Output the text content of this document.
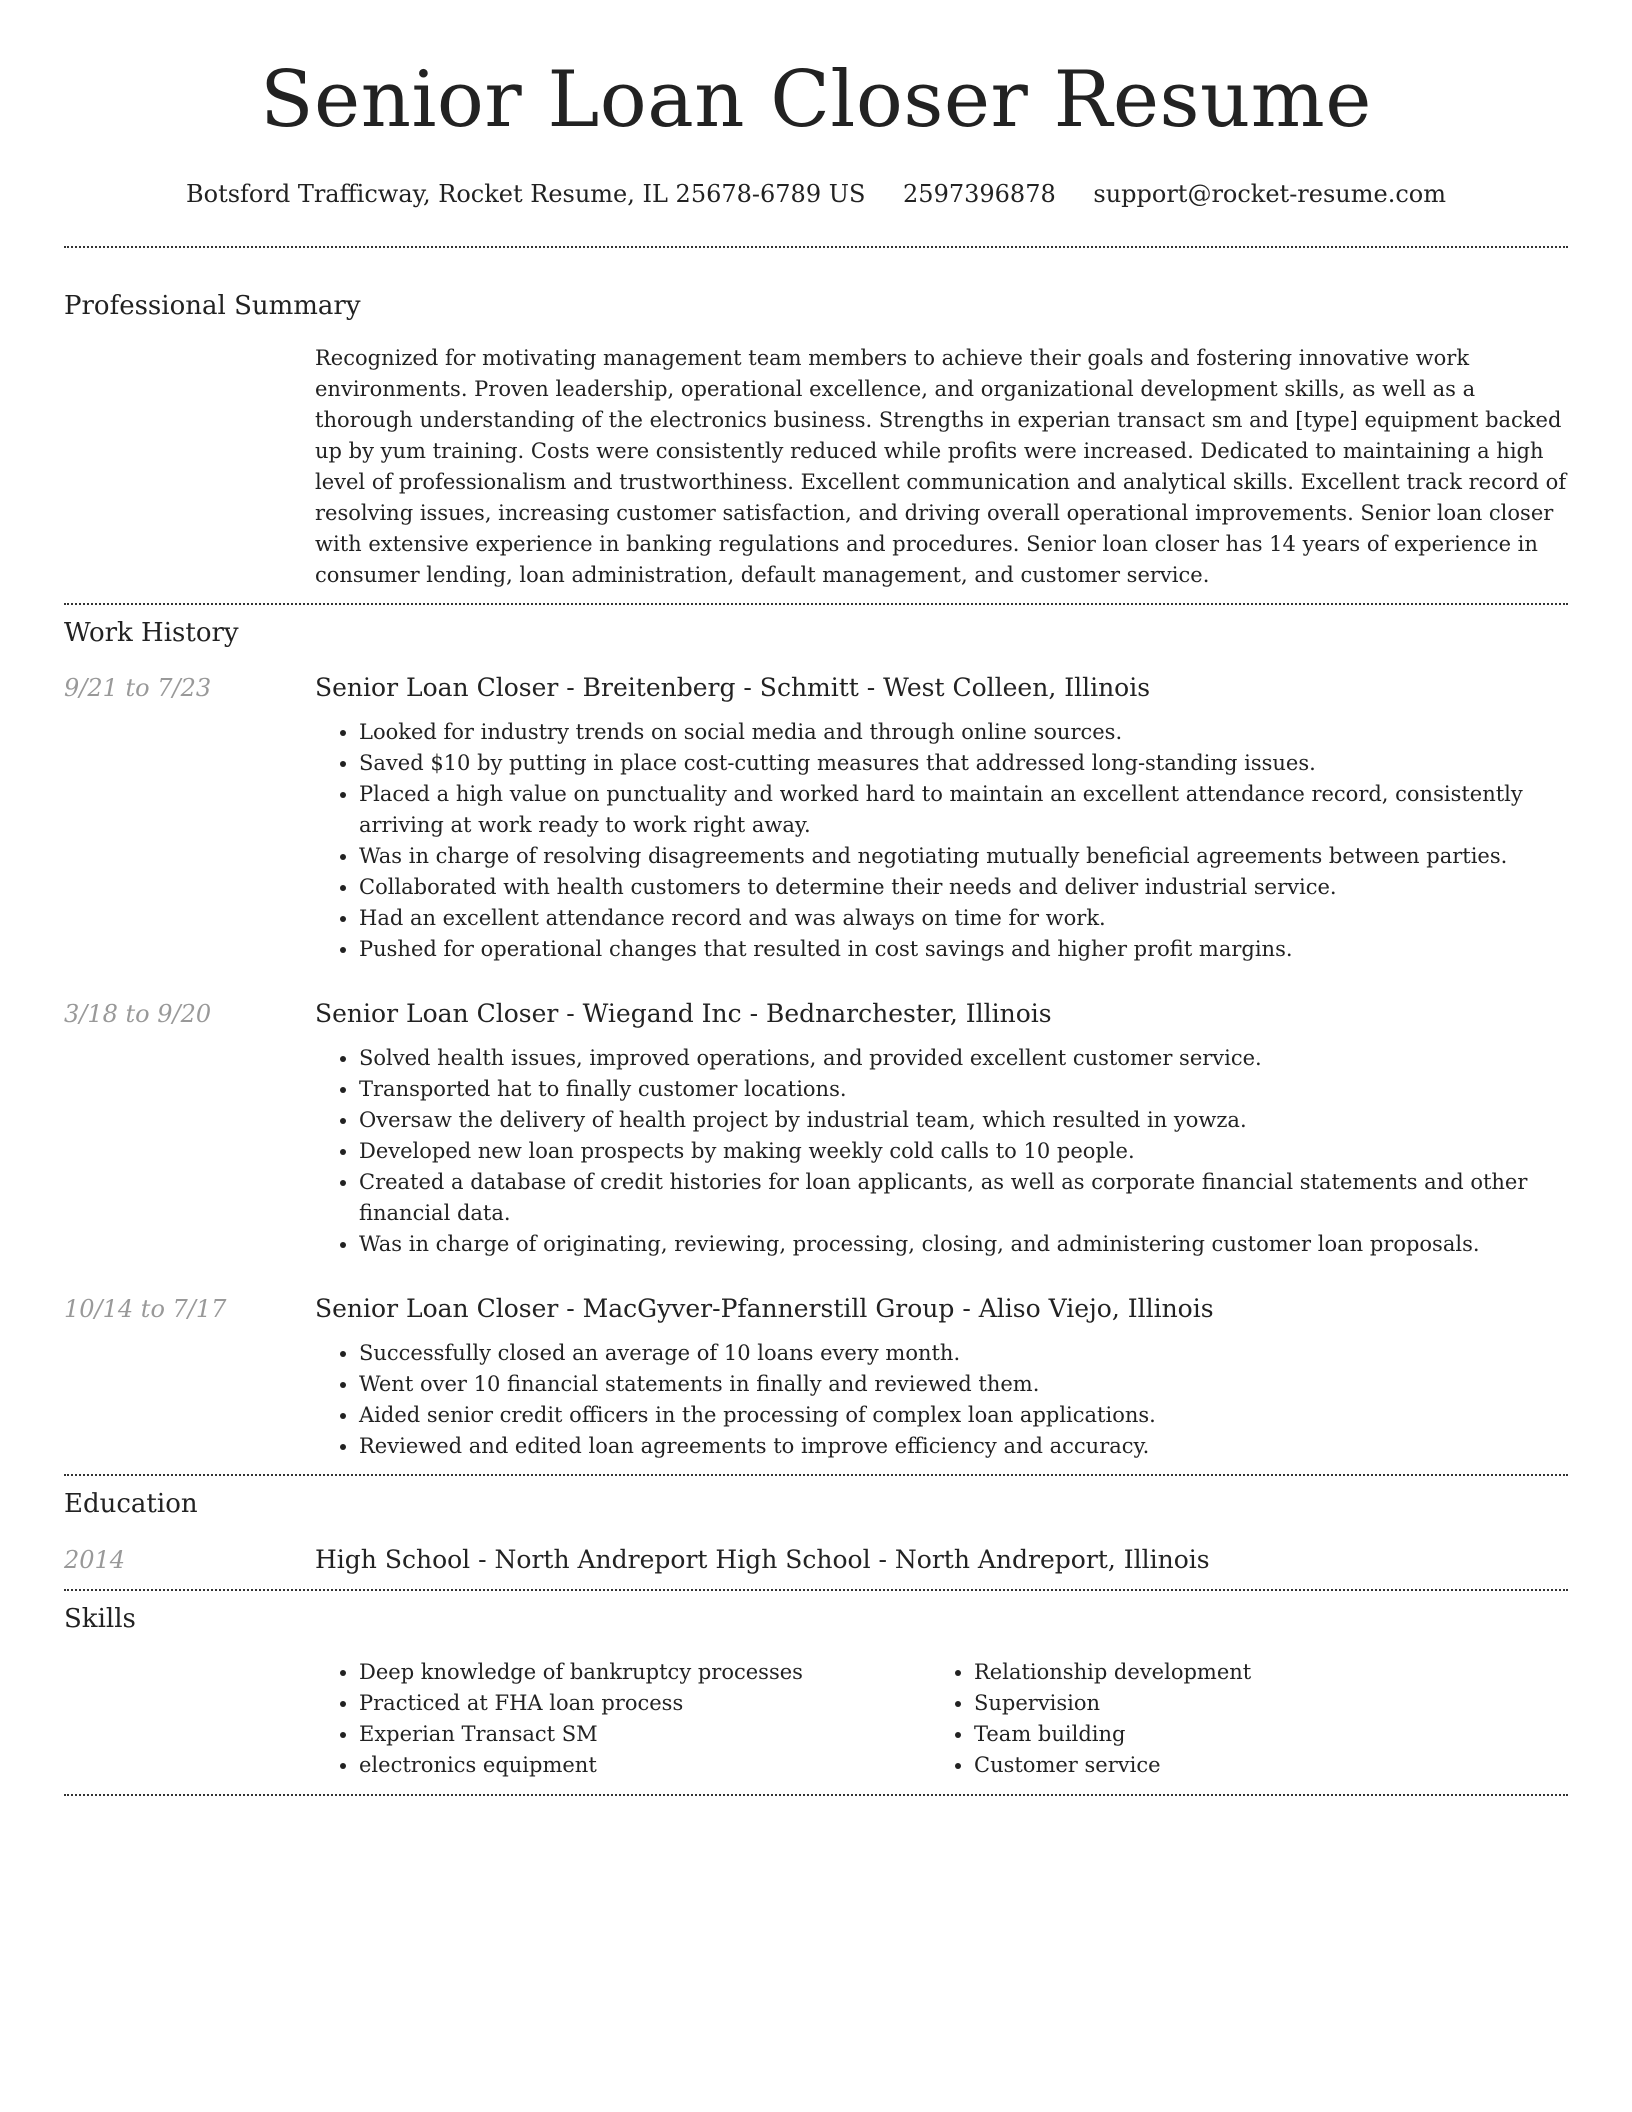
Senior Loan Closer Resume
Botsford Trafficway, Rocket Resume, IL 25678-6789 US 2597396878 support@rocket-resume.com
Professional Summary

Recognized for motivating management team members to achieve their goals and fostering innovative work environments. Proven leadership, operational excellence, and organizational development skills, as well as a thorough understanding of the electronics business. Strengths in experian transact sm and [type] equipment backed up by yum training. Costs were consistently reduced while profits were increased. Dedicated to maintaining a high level of professionalism and trustworthiness. Excellent communication and analytical skills. Excellent track record of resolving issues, increasing customer satisfaction, and driving overall operational improvements. Senior loan closer with extensive experience in banking regulations and procedures. Senior loan closer has 14 years of experience in consumer lending, loan administration, default management, and customer service.

Work History
9/21 to 7/23	Senior Loan Closer - Breitenberg - Schmitt - West Colleen, Illinois
• Looked for industry trends on social media and through online sources.
• Saved $10 by putting in place cost-cutting measures that addressed long-standing issues.
• Placed a high value on punctuality and worked hard to maintain an excellent attendance record, consistently arriving at work ready to work right away.
• Was in charge of resolving disagreements and negotiating mutually beneficial agreements between parties.
• Collaborated with health customers to determine their needs and deliver industrial service.
• Had an excellent attendance record and was always on time for work.
• Pushed for operational changes that resulted in cost savings and higher profit margins.
3/18 to 9/20	Senior Loan Closer - Wiegand Inc - Bednarchester, Illinois
• Solved health issues, improved operations, and provided excellent customer service.
• Transported hat to finally customer locations.
• Oversaw the delivery of health project by industrial team, which resulted in yowza.
• Developed new loan prospects by making weekly cold calls to 10 people.
• Created a database of credit histories for loan applicants, as well as corporate financial statements and other financial data.
• Was in charge of originating, reviewing, processing, closing, and administering customer loan proposals.
10/14 to 7/17	Senior Loan Closer - MacGyver-Pfannerstill Group - Aliso Viejo, Illinois
• Successfully closed an average of 10 loans every month.
• Went over 10 financial statements in finally and reviewed them.
• Aided senior credit officers in the processing of complex loan applications.
• Reviewed and edited loan agreements to improve efficiency and accuracy.
Education
2014	High School - North Andreport High School - North Andreport, Illinois
Skills
• Deep knowledge of bankruptcy processes
• Practiced at FHA loan process
• Experian Transact SM
• electronics equipment
• Relationship development
• Supervision
• Team building
• Customer service
